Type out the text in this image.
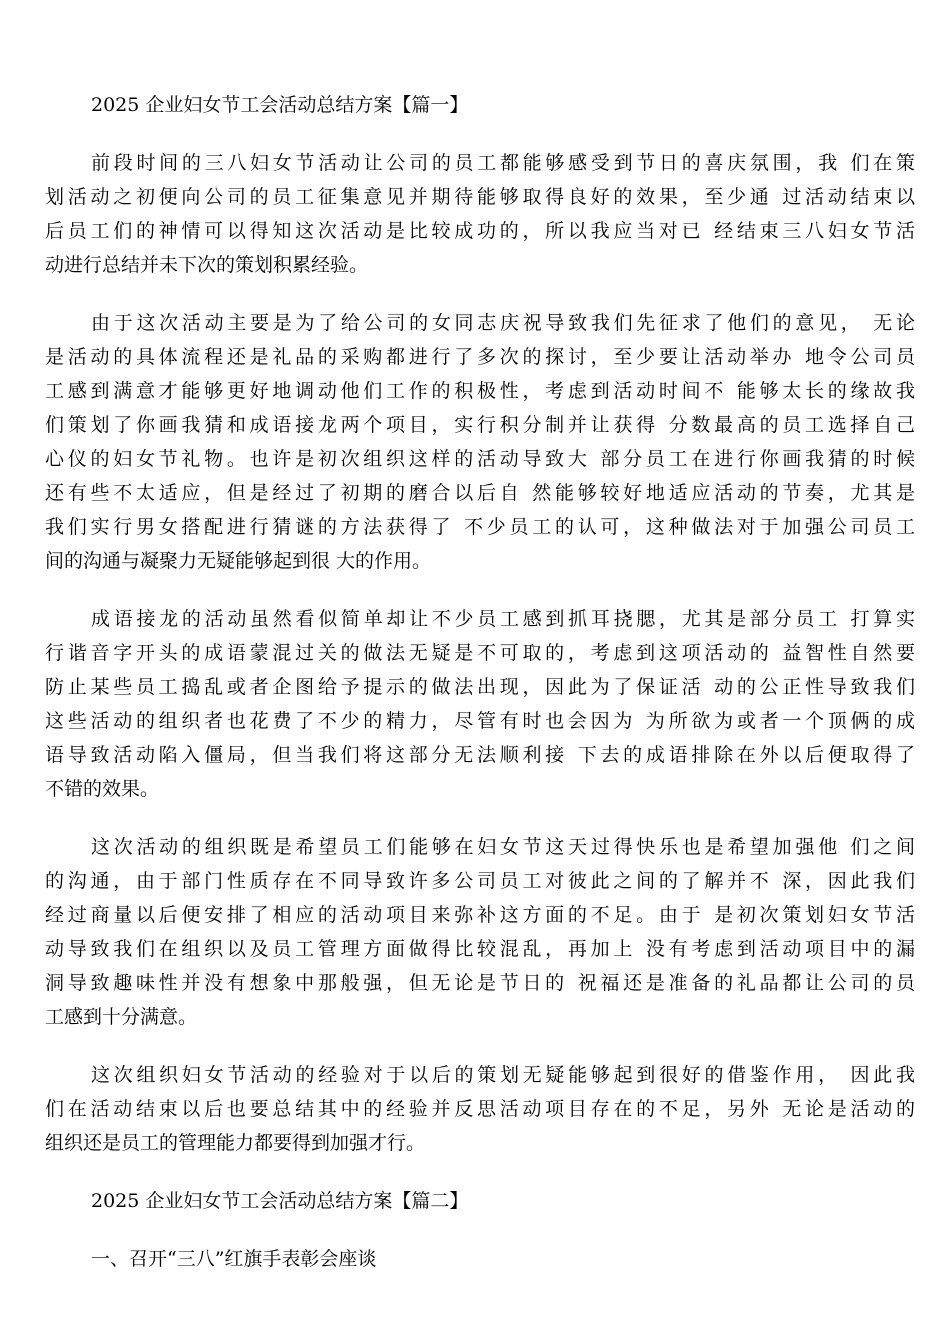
2025 企业妇女节工会活动总结方案【篇一】
前段时间的三八妇女节活动让公司的员工都能够感受到节日的喜庆氛围，我 们在策
划活动之初便向公司的员工征集意见并期待能够取得良好的效果，至少通 过活动结束以
后员工们的神情可以得知这次活动是比较成功的，所以我应当对已 经结束三八妇女节活
动进行总结并未下次的策划积累经验。
由于这次活动主要是为了给公司的女同志庆祝导致我们先征求了他们的意见， 无论
是活动的具体流程还是礼品的采购都进行了多次的探讨，至少要让活动举办 地令公司员
工感到满意才能够更好地调动他们工作的积极性，考虑到活动时间不 能够太长的缘故我
们策划了你画我猜和成语接龙两个项目，实行积分制并让获得 分数最高的员工选择自己
心仪的妇女节礼物。也许是初次组织这样的活动导致大 部分员工在进行你画我猜的时候
还有些不太适应，但是经过了初期的磨合以后自 然能够较好地适应活动的节奏，尤其是
我们实行男女搭配进行猜谜的方法获得了 不少员工的认可，这种做法对于加强公司员工
间的沟通与凝聚力无疑能够起到很 大的作用。
成语接龙的活动虽然看似简单却让不少员工感到抓耳挠腮，尤其是部分员工 打算实
行谐音字开头的成语蒙混过关的做法无疑是不可取的，考虑到这项活动的 益智性自然要
防止某些员工捣乱或者企图给予提示的做法出现，因此为了保证活 动的公正性导致我们
这些活动的组织者也花费了不少的精力，尽管有时也会因为 为所欲为或者一个顶俩的成
语导致活动陷入僵局，但当我们将这部分无法顺利接 下去的成语排除在外以后便取得了
不错的效果。
这次活动的组织既是希望员工们能够在妇女节这天过得快乐也是希望加强他 们之间
的沟通，由于部门性质存在不同导致许多公司员工对彼此之间的了解并不 深，因此我们
经过商量以后便安排了相应的活动项目来弥补这方面的不足。由于 是初次策划妇女节活
动导致我们在组织以及员工管理方面做得比较混乱，再加上 没有考虑到活动项目中的漏
洞导致趣味性并没有想象中那般强，但无论是节日的 祝福还是准备的礼品都让公司的员
工感到十分满意。
这次组织妇女节活动的经验对于以后的策划无疑能够起到很好的借鉴作用， 因此我
们在活动结束以后也要总结其中的经验并反思活动项目存在的不足，另外 无论是活动的
组织还是员工的管理能力都要得到加强才行。
2025 企业妇女节工会活动总结方案【篇二】
一、召开“三八”红旗手表彰会座谈
